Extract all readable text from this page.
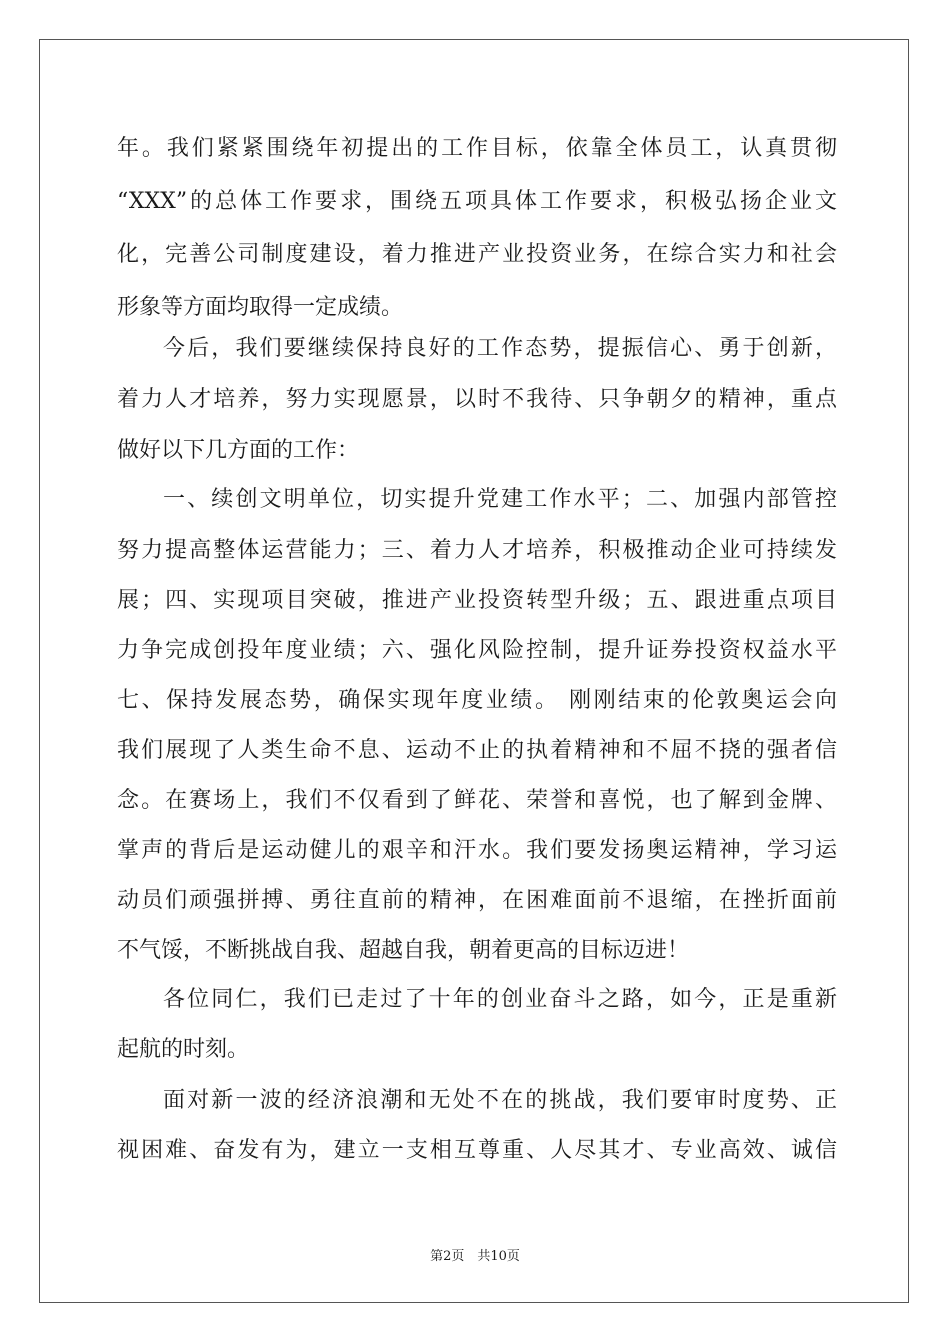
年。我们紧紧围绕年初提出的工作目标，依靠全体员工，认真贯彻
“XXX”的总体工作要求，围绕五项具体工作要求，积极弘扬企业文
化，完善公司制度建设，着力推进产业投资业务，在综合实力和社会
形象等方面均取得一定成绩。
今后，我们要继续保持良好的工作态势，提振信心、勇于创新，
着力人才培养，努力实现愿景，以时不我待、只争朝夕的精神，重点
做好以下几方面的工作：
一、续创文明单位，切实提升党建工作水平；二、加强内部管控
努力提高整体运营能力；三、着力人才培养，积极推动企业可持续发
展；四、实现项目突破，推进产业投资转型升级；五、跟进重点项目
力争完成创投年度业绩；六、强化风险控制，提升证券投资权益水平
七、保持发展态势，确保实现年度业绩。 刚刚结束的伦敦奥运会向
我们展现了人类生命不息、运动不止的执着精神和不屈不挠的强者信
念。在赛场上，我们不仅看到了鲜花、荣誉和喜悦，也了解到金牌、
掌声的背后是运动健儿的艰辛和汗水。我们要发扬奥运精神，学习运
动员们顽强拼搏、勇往直前的精神，在困难面前不退缩，在挫折面前
不气馁，不断挑战自我、超越自我，朝着更高的目标迈进！
各位同仁，我们已走过了十年的创业奋斗之路，如今，正是重新
起航的时刻。
面对新一波的经济浪潮和无处不在的挑战，我们要审时度势、正
视困难、奋发有为，建立一支相互尊重、人尽其才、专业高效、诚信
第2页　共10页
